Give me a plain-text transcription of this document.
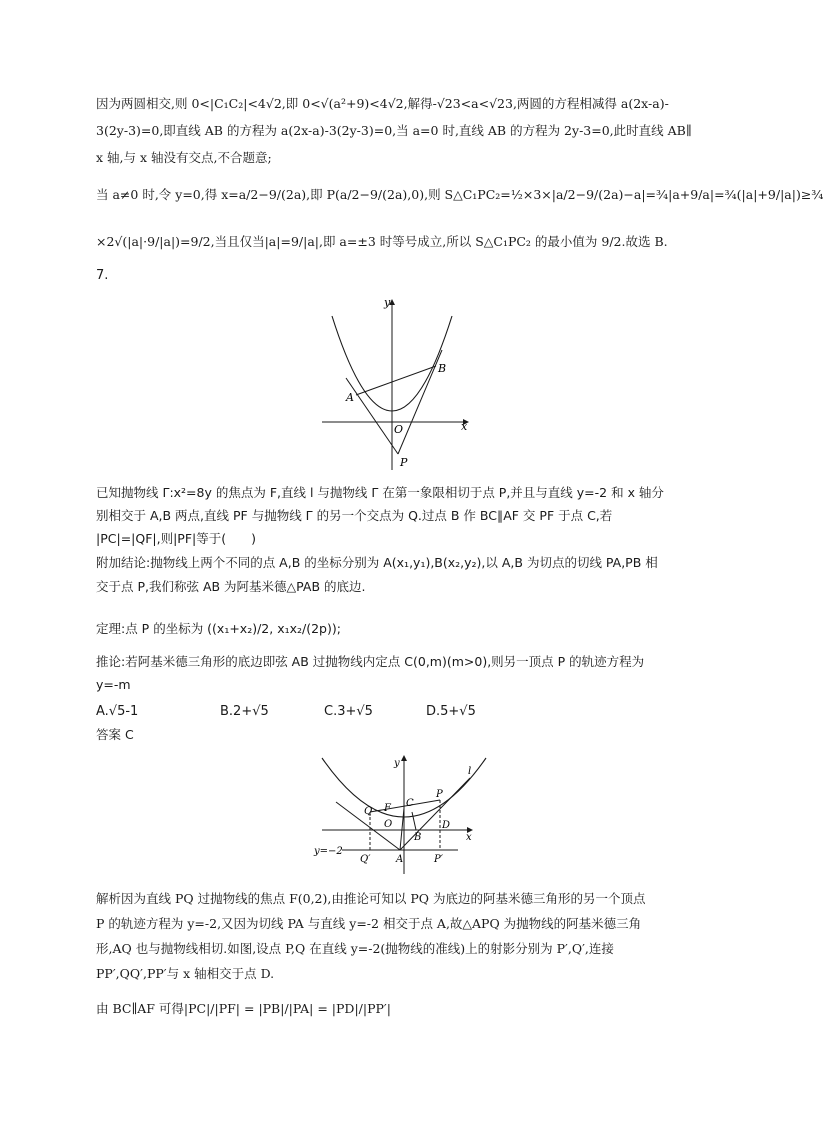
因为两圆相交,则 0<|C₁C₂|<4√2,即 0<√(a²+9)<4√2,解得-√23<a<√23,两圆的方程相减得 a(2x-a)-
3(2y-3)=0,即直线 AB 的方程为 a(2x-a)-3(2y-3)=0,当 a=0 时,直线 AB 的方程为 2y-3=0,此时直线 AB∥
x 轴,与 x 轴没有交点,不合题意;
当 a≠0 时,令 y=0,得 x=a/2−9/(2a),即 P(a/2−9/(2a),0),则 S△C₁PC₂=½×3×|a/2−9/(2a)−a|=¾|a+9/a|=¾(|a|+9/|a|)≥¾
×2√(|a|·9/|a|)=9/2,当且仅当|a|=9/|a|,即 a=±3 时等号成立,所以 S△C₁PC₂ 的最小值为 9/2.故选 B.
7.
y
x
A
B
O
P
已知抛物线 Γ:x²=8y 的焦点为 F,直线 l 与抛物线 Γ 在第一象限相切于点 P,并且与直线 y=-2 和 x 轴分
别相交于 A,B 两点,直线 PF 与抛物线 Γ 的另一个交点为 Q.过点 B 作 BC∥AF 交 PF 于点 C,若
|PC|=|QF|,则|PF|等于(　　)
附加结论:抛物线上两个不同的点 A,B 的坐标分别为 A(x₁,y₁),B(x₂,y₂),以 A,B 为切点的切线 PA,PB 相
交于点 P,我们称弦 AB 为阿基米德△PAB 的底边.
定理:点 P 的坐标为 ((x₁+x₂)/2, x₁x₂/(2p));
推论:若阿基米德三角形的底边即弦 AB 过抛物线内定点 C(0,m)(m>0),则另一顶点 P 的轨迹方程为
y=-m
A.√5-1	B.2+√5	C.3+√5	D.5+√5
答案 C
y
x
l
P
C
Q F
O
B
D
Q′	A	P′
y=−2
解析因为直线 PQ 过抛物线的焦点 F(0,2),由推论可知以 PQ 为底边的阿基米德三角形的另一个顶点
P 的轨迹方程为 y=-2,又因为切线 PA 与直线 y=-2 相交于点 A,故△APQ 为抛物线的阿基米德三角
形,AQ 也与抛物线相切.如图,设点 P,Q 在直线 y=-2(抛物线的准线)上的射影分别为 P′,Q′,连接
PP′,QQ′,PP′与 x 轴相交于点 D.
由 BC∥AF 可得|PC|/|PF| = |PB|/|PA| = |PD|/|PP′|
